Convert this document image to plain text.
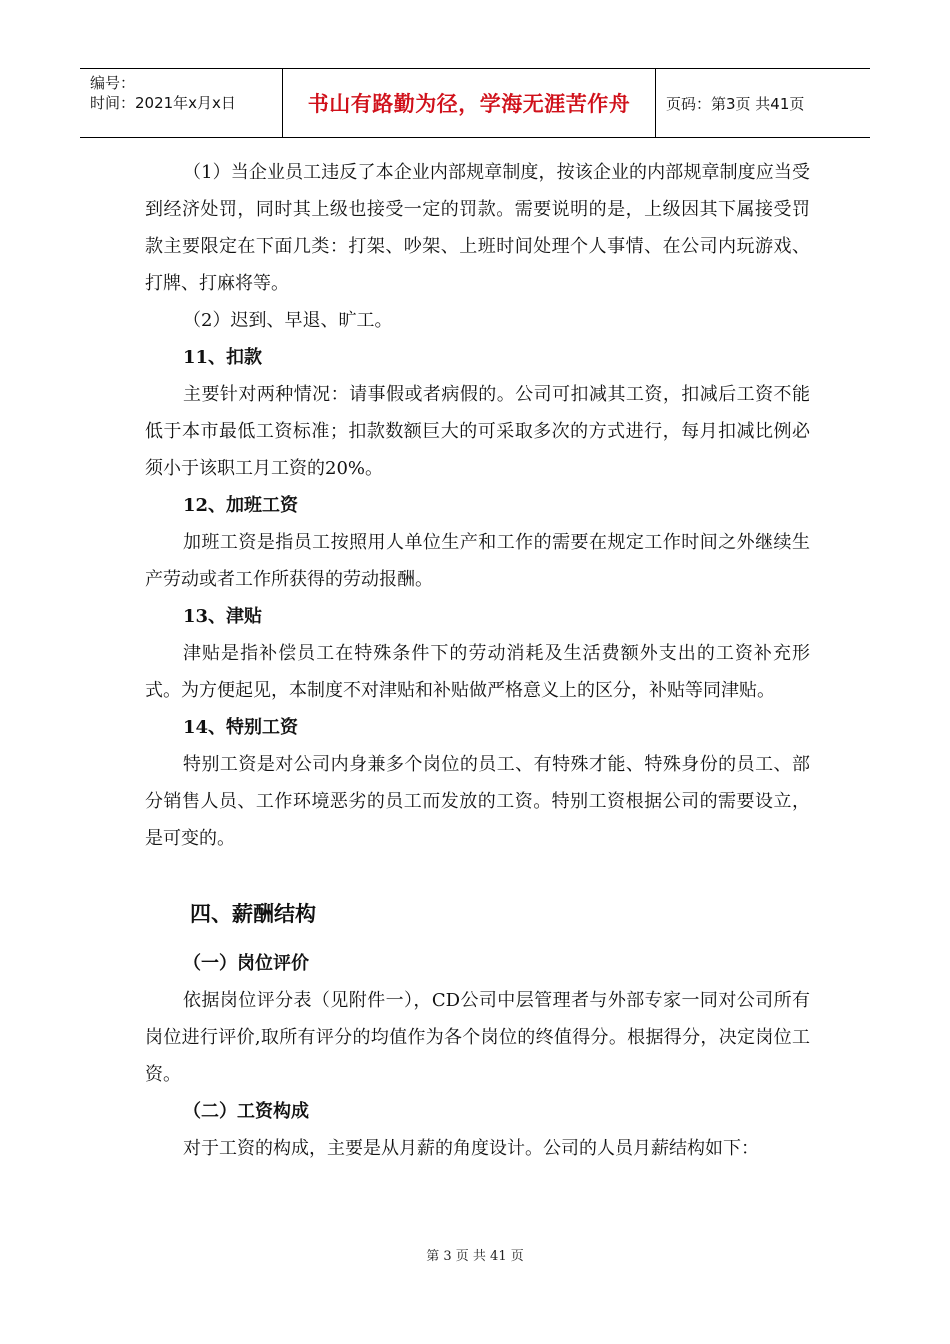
编号：
时间：2021年x月x日	书山有路勤为径，学海无涯苦作舟	页码：第3页 共41页

（1）当企业员工违反了本企业内部规章制度，按该企业的内部规章制度应当受到经济处罚，同时其上级也接受一定的罚款。需要说明的是，上级因其下属接受罚款主要限定在下面几类：打架、吵架、上班时间处理个人事情、在公司内玩游戏、打牌、打麻将等。

（2）迟到、早退、旷工。

11、扣款

主要针对两种情况：请事假或者病假的。公司可扣减其工资，扣减后工资不能低于本市最低工资标准；扣款数额巨大的可采取多次的方式进行，每月扣减比例必须小于该职工月工资的20%。

12、加班工资

加班工资是指员工按照用人单位生产和工作的需要在规定工作时间之外继续生产劳动或者工作所获得的劳动报酬。

13、津贴

津贴是指补偿员工在特殊条件下的劳动消耗及生活费额外支出的工资补充形式。为方便起见，本制度不对津贴和补贴做严格意义上的区分，补贴等同津贴。

14、特别工资

特别工资是对公司内身兼多个岗位的员工、有特殊才能、特殊身份的员工、部分销售人员、工作环境恶劣的员工而发放的工资。特别工资根据公司的需要设立，是可变的。

四、薪酬结构
（一）岗位评价

依据岗位评分表（见附件一），CD公司中层管理者与外部专家一同对公司所有岗位进行评价,取所有评分的均值作为各个岗位的终值得分。根据得分，决定岗位工资。

（二）工资构成

对于工资的构成，主要是从月薪的角度设计。公司的人员月薪结构如下：

第 3 页 共 41 页
